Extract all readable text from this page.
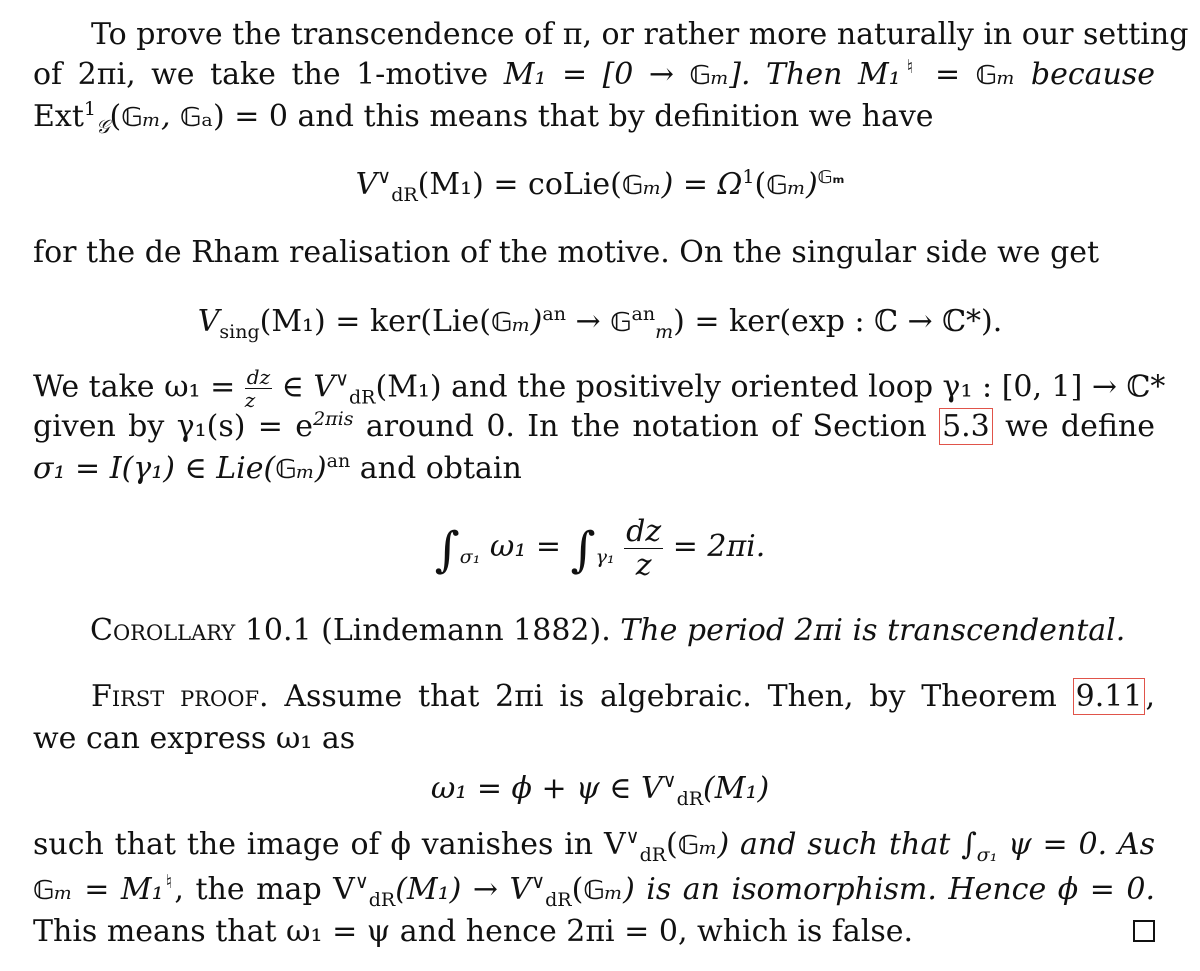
To prove the transcendence of π, or rather more naturally in our setting
of 2πi, we take the 1-motive M₁ = [0 → 𝔾ₘ]. Then M₁♮ = 𝔾ₘ because
Ext$^1_𝒢$(𝔾ₘ, 𝔾ₐ) = 0 and this means that by definition we have
$V^\vee_{dR}(M_1)$ = coLie(𝔾ₘ) = $\Omega^1(𝔾_m)^{𝔾_m}$
for the de Rham realisation of the motive. On the singular side we get
$V_{sing}(M_1)$ = ker(Lie(𝔾ₘ)$^{an}$ → 𝔾$^{an}_m$) = ker(exp : ℂ → ℂ*).
We take $\omega_1 = \frac{dz}{z}$ ∈ $V^\vee_{dR}(M_1)$ and the positively oriented loop γ₁ : [0, 1] → ℂ*
given by $\gamma_1(s) = e^{2\pi is}$ around 0. In the notation of Section 5.3 we define
σ₁ = I(γ₁) ∈ Lie(𝔾ₘ)$^{an}$ and obtain
$\int_{\sigma_1}$ $\omega_1 = \int_{\gamma_1} \frac{dz}{z} = 2\pi i$.
Corollary 10.1 (Lindemann 1882). The period 2πi is transcendental.
First proof. Assume that 2πi is algebraic. Then, by Theorem 9.11 ,
we can express ω₁ as
ω₁ = ϕ + ψ ∈ $V^\vee_{dR}(M_1)$
such that the image of ϕ vanishes in $V^\vee_{dR}(𝔾_m)$ and such that $\int_{\sigma_1}$ ψ = 0. As
𝔾ₘ = M₁♮, the map $V^\vee_{dR}(M_1)$ → $V^\vee_{dR}(𝔾_m)$ is an isomorphism. Hence ϕ = 0.
This means that ω₁ = ψ and hence 2πi = 0, which is false.
